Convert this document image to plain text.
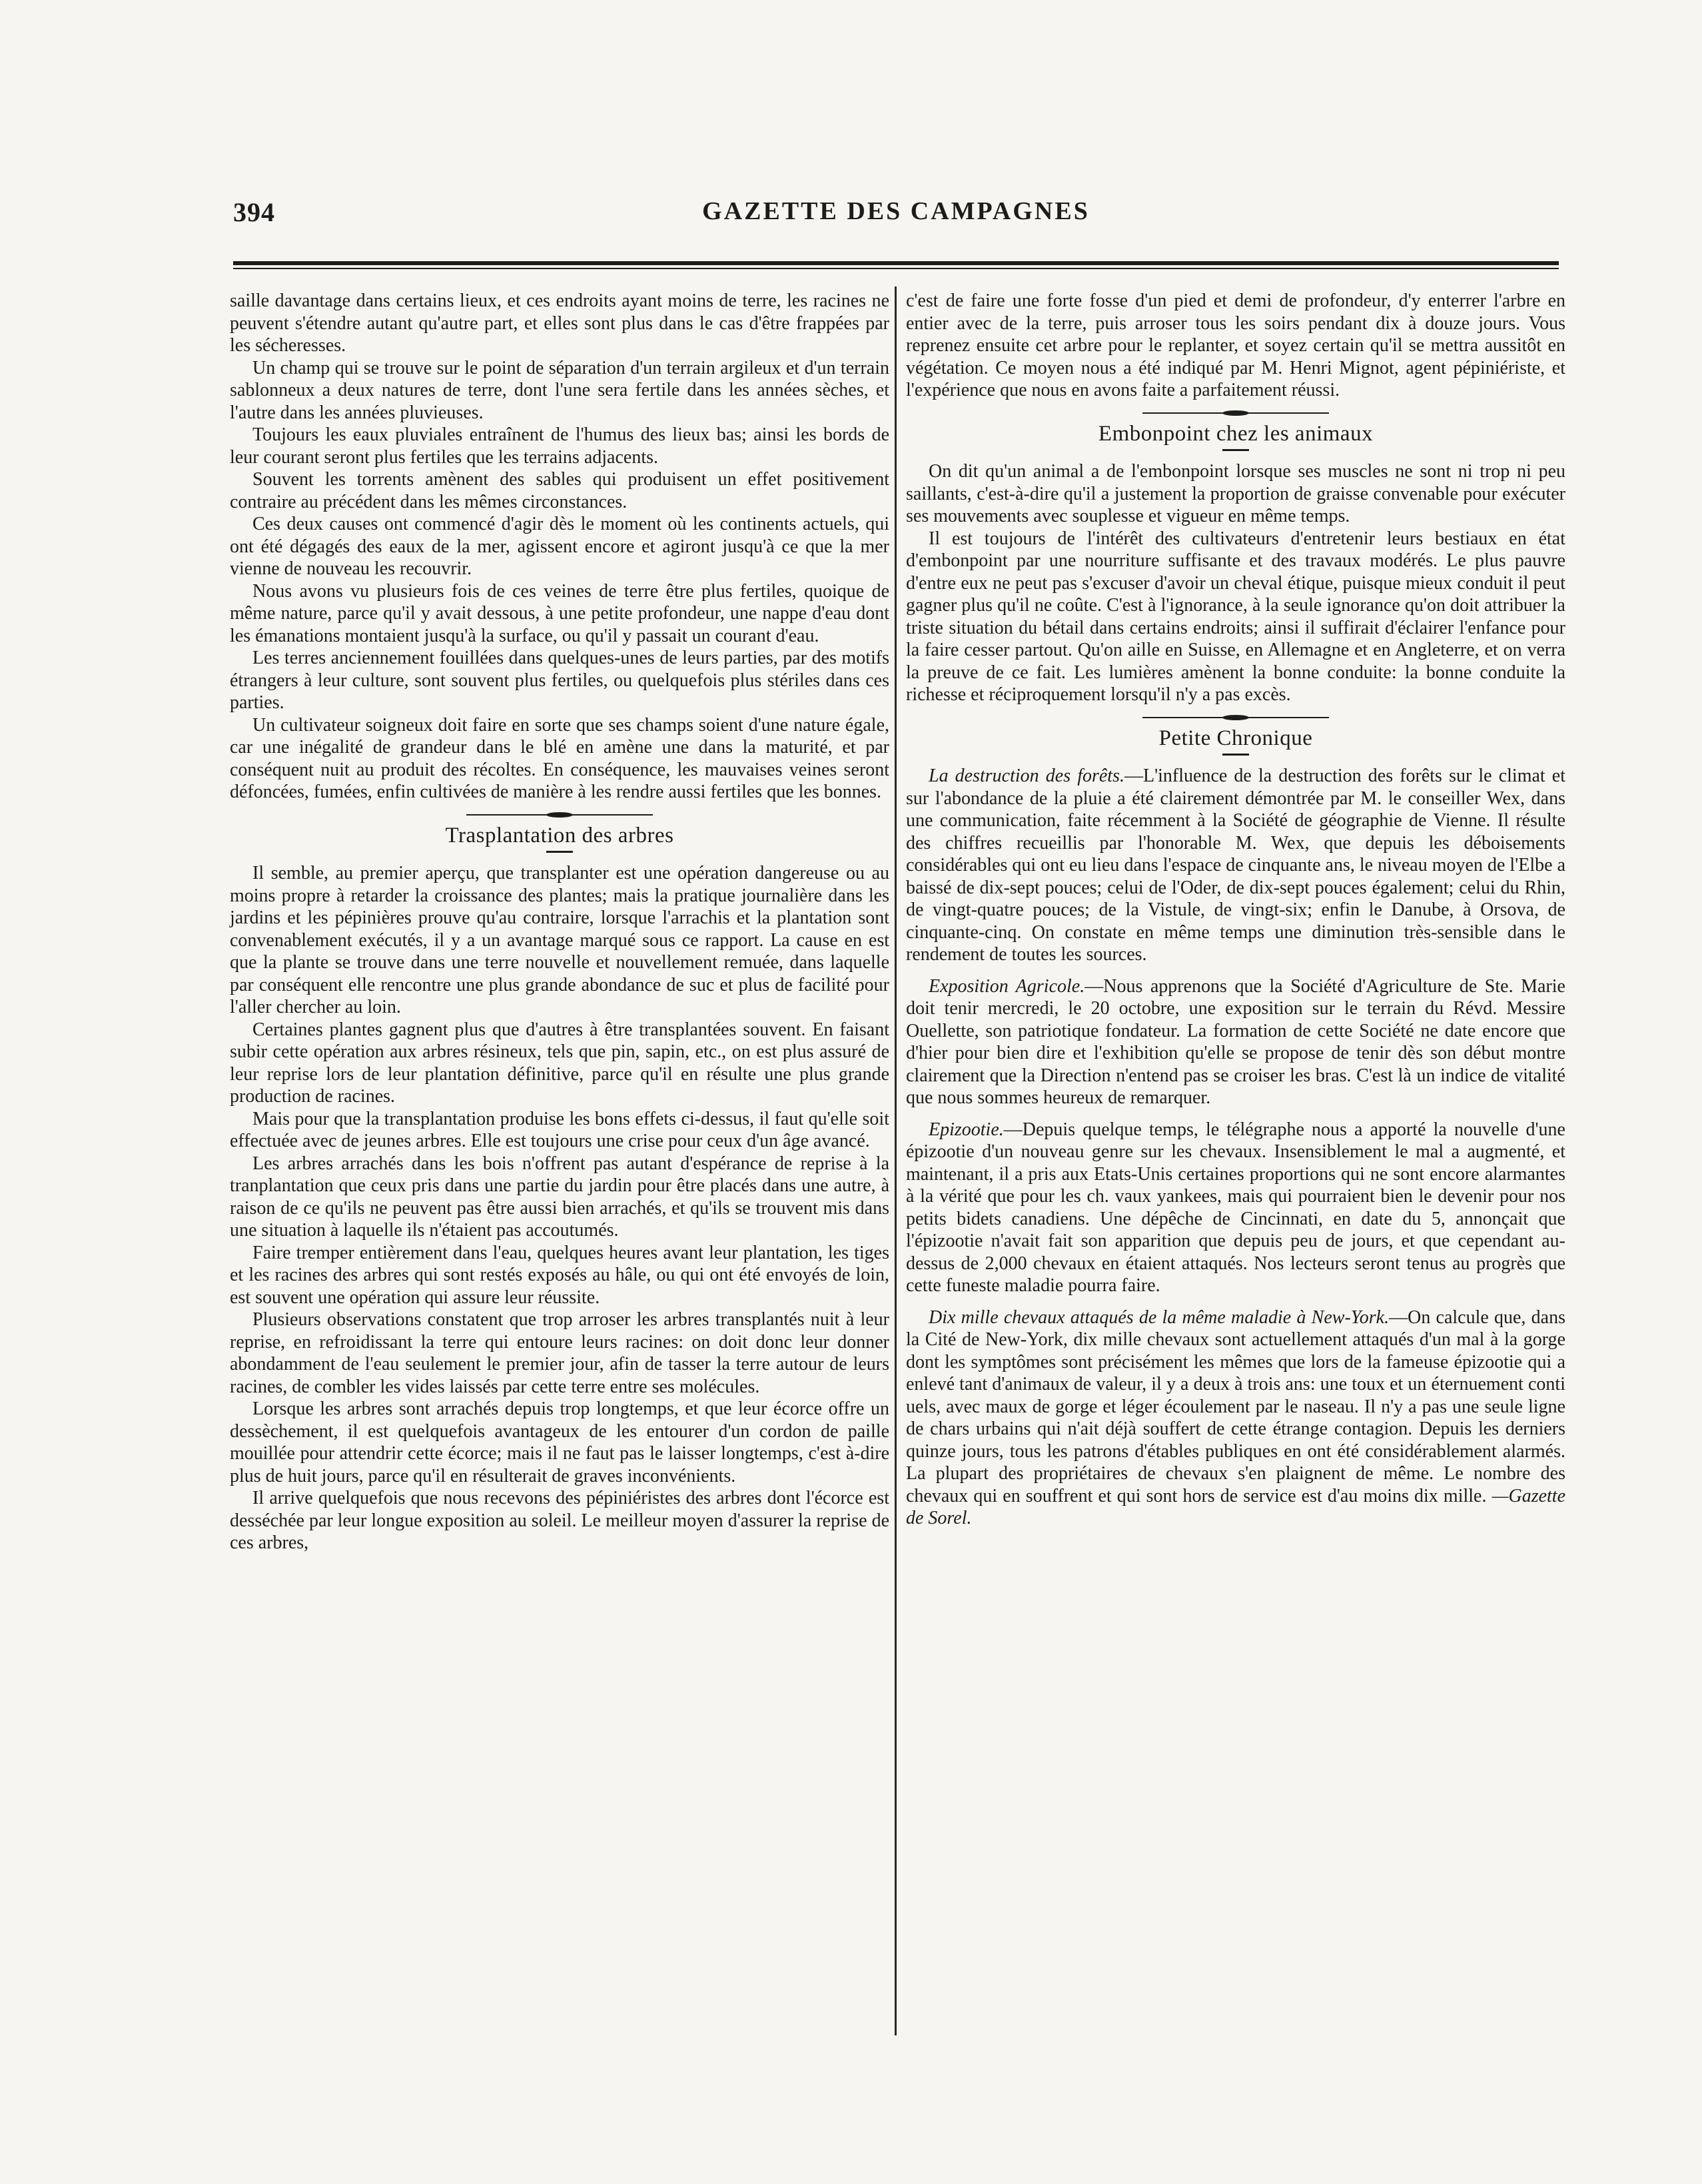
394	GAZETTE DES CAMPAGNES

saille davantage dans certains lieux, et ces endroits ayant moins de terre, les racines ne peuvent s'étendre autant qu'autre part, et elles sont plus dans le cas d'être frappées par les sécheresses.

Un champ qui se trouve sur le point de séparation d'un terrain argileux et d'un terrain sablonneux a deux natures de terre, dont l'une sera fertile dans les années sèches, et l'autre dans les années pluvieuses.

Toujours les eaux pluviales entraînent de l'humus des lieux bas; ainsi les bords de leur courant seront plus fertiles que les terrains adjacents.

Souvent les torrents amènent des sables qui produisent un effet positivement contraire au précédent dans les mêmes circonstances.

Ces deux causes ont commencé d'agir dès le moment où les continents actuels, qui ont été dégagés des eaux de la mer, agissent encore et agiront jusqu'à ce que la mer vienne de nouveau les recouvrir.

Nous avons vu plusieurs fois de ces veines de terre être plus fertiles, quoique de même nature, parce qu'il y avait dessous, à une petite profondeur, une nappe d'eau dont les émanations montaient jusqu'à la surface, ou qu'il y passait un courant d'eau.

Les terres anciennement fouillées dans quelques-unes de leurs parties, par des motifs étrangers à leur culture, sont souvent plus fertiles, ou quelquefois plus stériles dans ces parties.

Un cultivateur soigneux doit faire en sorte que ses champs soient d'une nature égale, car une inégalité de grandeur dans le blé en amène une dans la maturité, et par conséquent nuit au produit des récoltes. En conséquence, les mauvaises veines seront défoncées, fumées, enfin cultivées de manière à les rendre aussi fertiles que les bonnes.

Trasplantation des arbres

Il semble, au premier aperçu, que transplanter est une opération dangereuse ou au moins propre à retarder la croissance des plantes; mais la pratique journalière dans les jardins et les pépinières prouve qu'au contraire, lorsque l'arrachis et la plantation sont convenablement exécutés, il y a un avantage marqué sous ce rapport. La cause en est que la plante se trouve dans une terre nouvelle et nouvellement remuée, dans laquelle par conséquent elle rencontre une plus grande abondance de suc et plus de facilité pour l'aller chercher au loin.

Certaines plantes gagnent plus que d'autres à être transplantées souvent. En faisant subir cette opération aux arbres résineux, tels que pin, sapin, etc., on est plus assuré de leur reprise lors de leur plantation définitive, parce qu'il en résulte une plus grande production de racines.

Mais pour que la transplantation produise les bons effets ci-dessus, il faut qu'elle soit effectuée avec de jeunes arbres. Elle est toujours une crise pour ceux d'un âge avancé.

Les arbres arrachés dans les bois n'offrent pas autant d'espérance de reprise à la tranplantation que ceux pris dans une partie du jardin pour être placés dans une autre, à raison de ce qu'ils ne peuvent pas être aussi bien arrachés, et qu'ils se trouvent mis dans une situation à laquelle ils n'étaient pas accoutumés.

Faire tremper entièrement dans l'eau, quelques heures avant leur plantation, les tiges et les racines des arbres qui sont restés exposés au hâle, ou qui ont été envoyés de loin, est souvent une opération qui assure leur réussite.

Plusieurs observations constatent que trop arroser les arbres transplantés nuit à leur reprise, en refroidissant la terre qui entoure leurs racines: on doit donc leur donner abondamment de l'eau seulement le premier jour, afin de tasser la terre autour de leurs racines, de combler les vides laissés par cette terre entre ses molécules.

Lorsque les arbres sont arrachés depuis trop longtemps, et que leur écorce offre un dessèchement, il est quelquefois avantageux de les entourer d'un cordon de paille mouillée pour attendrir cette écorce; mais il ne faut pas le laisser longtemps, c'est à-dire plus de huit jours, parce qu'il en résulterait de graves inconvénients.

Il arrive quelquefois que nous recevons des pépiniéristes des arbres dont l'écorce est desséchée par leur longue exposition au soleil. Le meilleur moyen d'assurer la reprise de ces arbres,

c'est de faire une forte fosse d'un pied et demi de profondeur, d'y enterrer l'arbre en entier avec de la terre, puis arroser tous les soirs pendant dix à douze jours. Vous reprenez ensuite cet arbre pour le replanter, et soyez certain qu'il se mettra aussitôt en végétation. Ce moyen nous a été indiqué par M. Henri Mignot, agent pépiniériste, et l'expérience que nous en avons faite a parfaitement réussi.

Embonpoint chez les animaux

On dit qu'un animal a de l'embonpoint lorsque ses muscles ne sont ni trop ni peu saillants, c'est-à-dire qu'il a justement la proportion de graisse convenable pour exécuter ses mouvements avec souplesse et vigueur en même temps.

Il est toujours de l'intérêt des cultivateurs d'entretenir leurs bestiaux en état d'embonpoint par une nourriture suffisante et des travaux modérés. Le plus pauvre d'entre eux ne peut pas s'excuser d'avoir un cheval étique, puisque mieux conduit il peut gagner plus qu'il ne coûte. C'est à l'ignorance, à la seule ignorance qu'on doit attribuer la triste situation du bétail dans certains endroits; ainsi il suffirait d'éclairer l'enfance pour la faire cesser partout. Qu'on aille en Suisse, en Allemagne et en Angleterre, et on verra la preuve de ce fait. Les lumières amènent la bonne conduite: la bonne conduite la richesse et réciproquement lorsqu'il n'y a pas excès.

Petite Chronique

La destruction des forêts.—L'influence de la destruction des forêts sur le climat et sur l'abondance de la pluie a été clairement démontrée par M. le conseiller Wex, dans une communication, faite récemment à la Société de géographie de Vienne. Il résulte des chiffres recueillis par l'honorable M. Wex, que depuis les déboisements considérables qui ont eu lieu dans l'espace de cinquante ans, le niveau moyen de l'Elbe a baissé de dix-sept pouces; celui de l'Oder, de dix-sept pouces également; celui du Rhin, de vingt-quatre pouces; de la Vistule, de vingt-six; enfin le Danube, à Orsova, de cinquante-cinq. On constate en même temps une diminution très-sensible dans le rendement de toutes les sources.

Exposition Agricole.—Nous apprenons que la Société d'Agriculture de Ste. Marie doit tenir mercredi, le 20 octobre, une exposition sur le terrain du Révd. Messire Ouellette, son patriotique fondateur. La formation de cette Société ne date encore que d'hier pour bien dire et l'exhibition qu'elle se propose de tenir dès son début montre clairement que la Direction n'entend pas se croiser les bras. C'est là un indice de vitalité que nous sommes heureux de remarquer.

Epizootie.—Depuis quelque temps, le télégraphe nous a apporté la nouvelle d'une épizootie d'un nouveau genre sur les chevaux. Insensiblement le mal a augmenté, et maintenant, il a pris aux Etats-Unis certaines proportions qui ne sont encore alarmantes à la vérité que pour les ch. vaux yankees, mais qui pourraient bien le devenir pour nos petits bidets canadiens. Une dépêche de Cincinnati, en date du 5, annonçait que l'épizootie n'avait fait son apparition que depuis peu de jours, et que cependant au-dessus de 2,000 chevaux en étaient attaqués. Nos lecteurs seront tenus au progrès que cette funeste maladie pourra faire.

Dix mille chevaux attaqués de la même maladie à New-York.—On calcule que, dans la Cité de New-York, dix mille chevaux sont actuellement attaqués d'un mal à la gorge dont les symptômes sont précisément les mêmes que lors de la fameuse épizootie qui a enlevé tant d'animaux de valeur, il y a deux à trois ans: une toux et un éternuement conti uels, avec maux de gorge et léger écoulement par le naseau. Il n'y a pas une seule ligne de chars urbains qui n'ait déjà souffert de cette étrange contagion. Depuis les derniers quinze jours, tous les patrons d'étables publiques en ont été considérablement alarmés. La plupart des propriétaires de chevaux s'en plaignent de même. Le nombre des chevaux qui en souffrent et qui sont hors de service est d'au moins dix mille. —Gazette de Sorel.
